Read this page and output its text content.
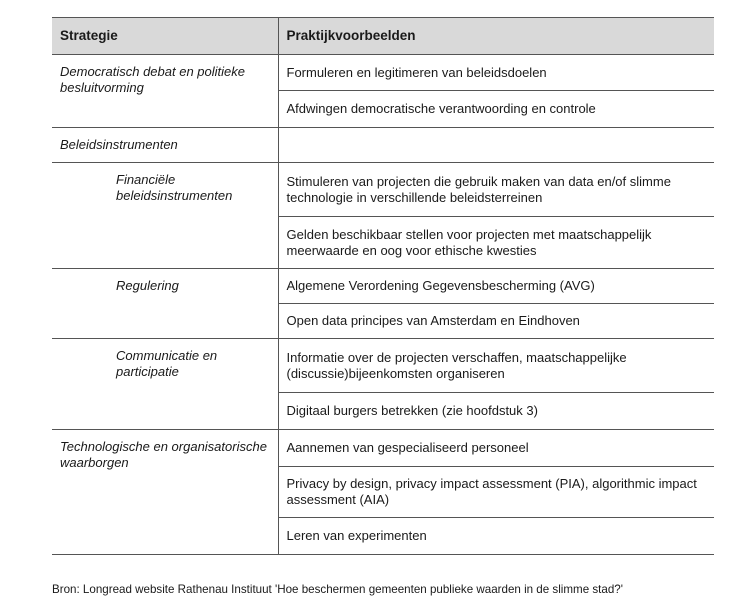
Strategie	Praktijkvoorbeelden
Democratisch debat en politieke besluitvorming	Formuleren en legitimeren van beleidsdoelen
	Afdwingen democratische verantwoording en controle
Beleidsinstrumenten	
Financiële beleidsinstrumenten	Stimuleren van projecten die gebruik maken van data en/of slimme technologie in verschillende beleidsterreinen
	Gelden beschikbaar stellen voor projecten met maatschappelijk meerwaarde en oog voor ethische kwesties
Regulering	Algemene Verordening Gegevensbescherming (AVG)
	Open data principes van Amsterdam en Eindhoven
Communicatie en participatie	Informatie over de projecten verschaffen, maatschappelijke (discussie)bijeenkomsten organiseren
	Digitaal burgers betrekken (zie hoofdstuk 3)
Technologische en organisatorische waarborgen	Aannemen van gespecialiseerd personeel
	Privacy by design, privacy impact assessment (PIA), algorithmic impact assessment (AIA)
	Leren van experimenten
Bron: Longread website Rathenau Instituut 'Hoe beschermen gemeenten publieke waarden in de slimme stad?'
